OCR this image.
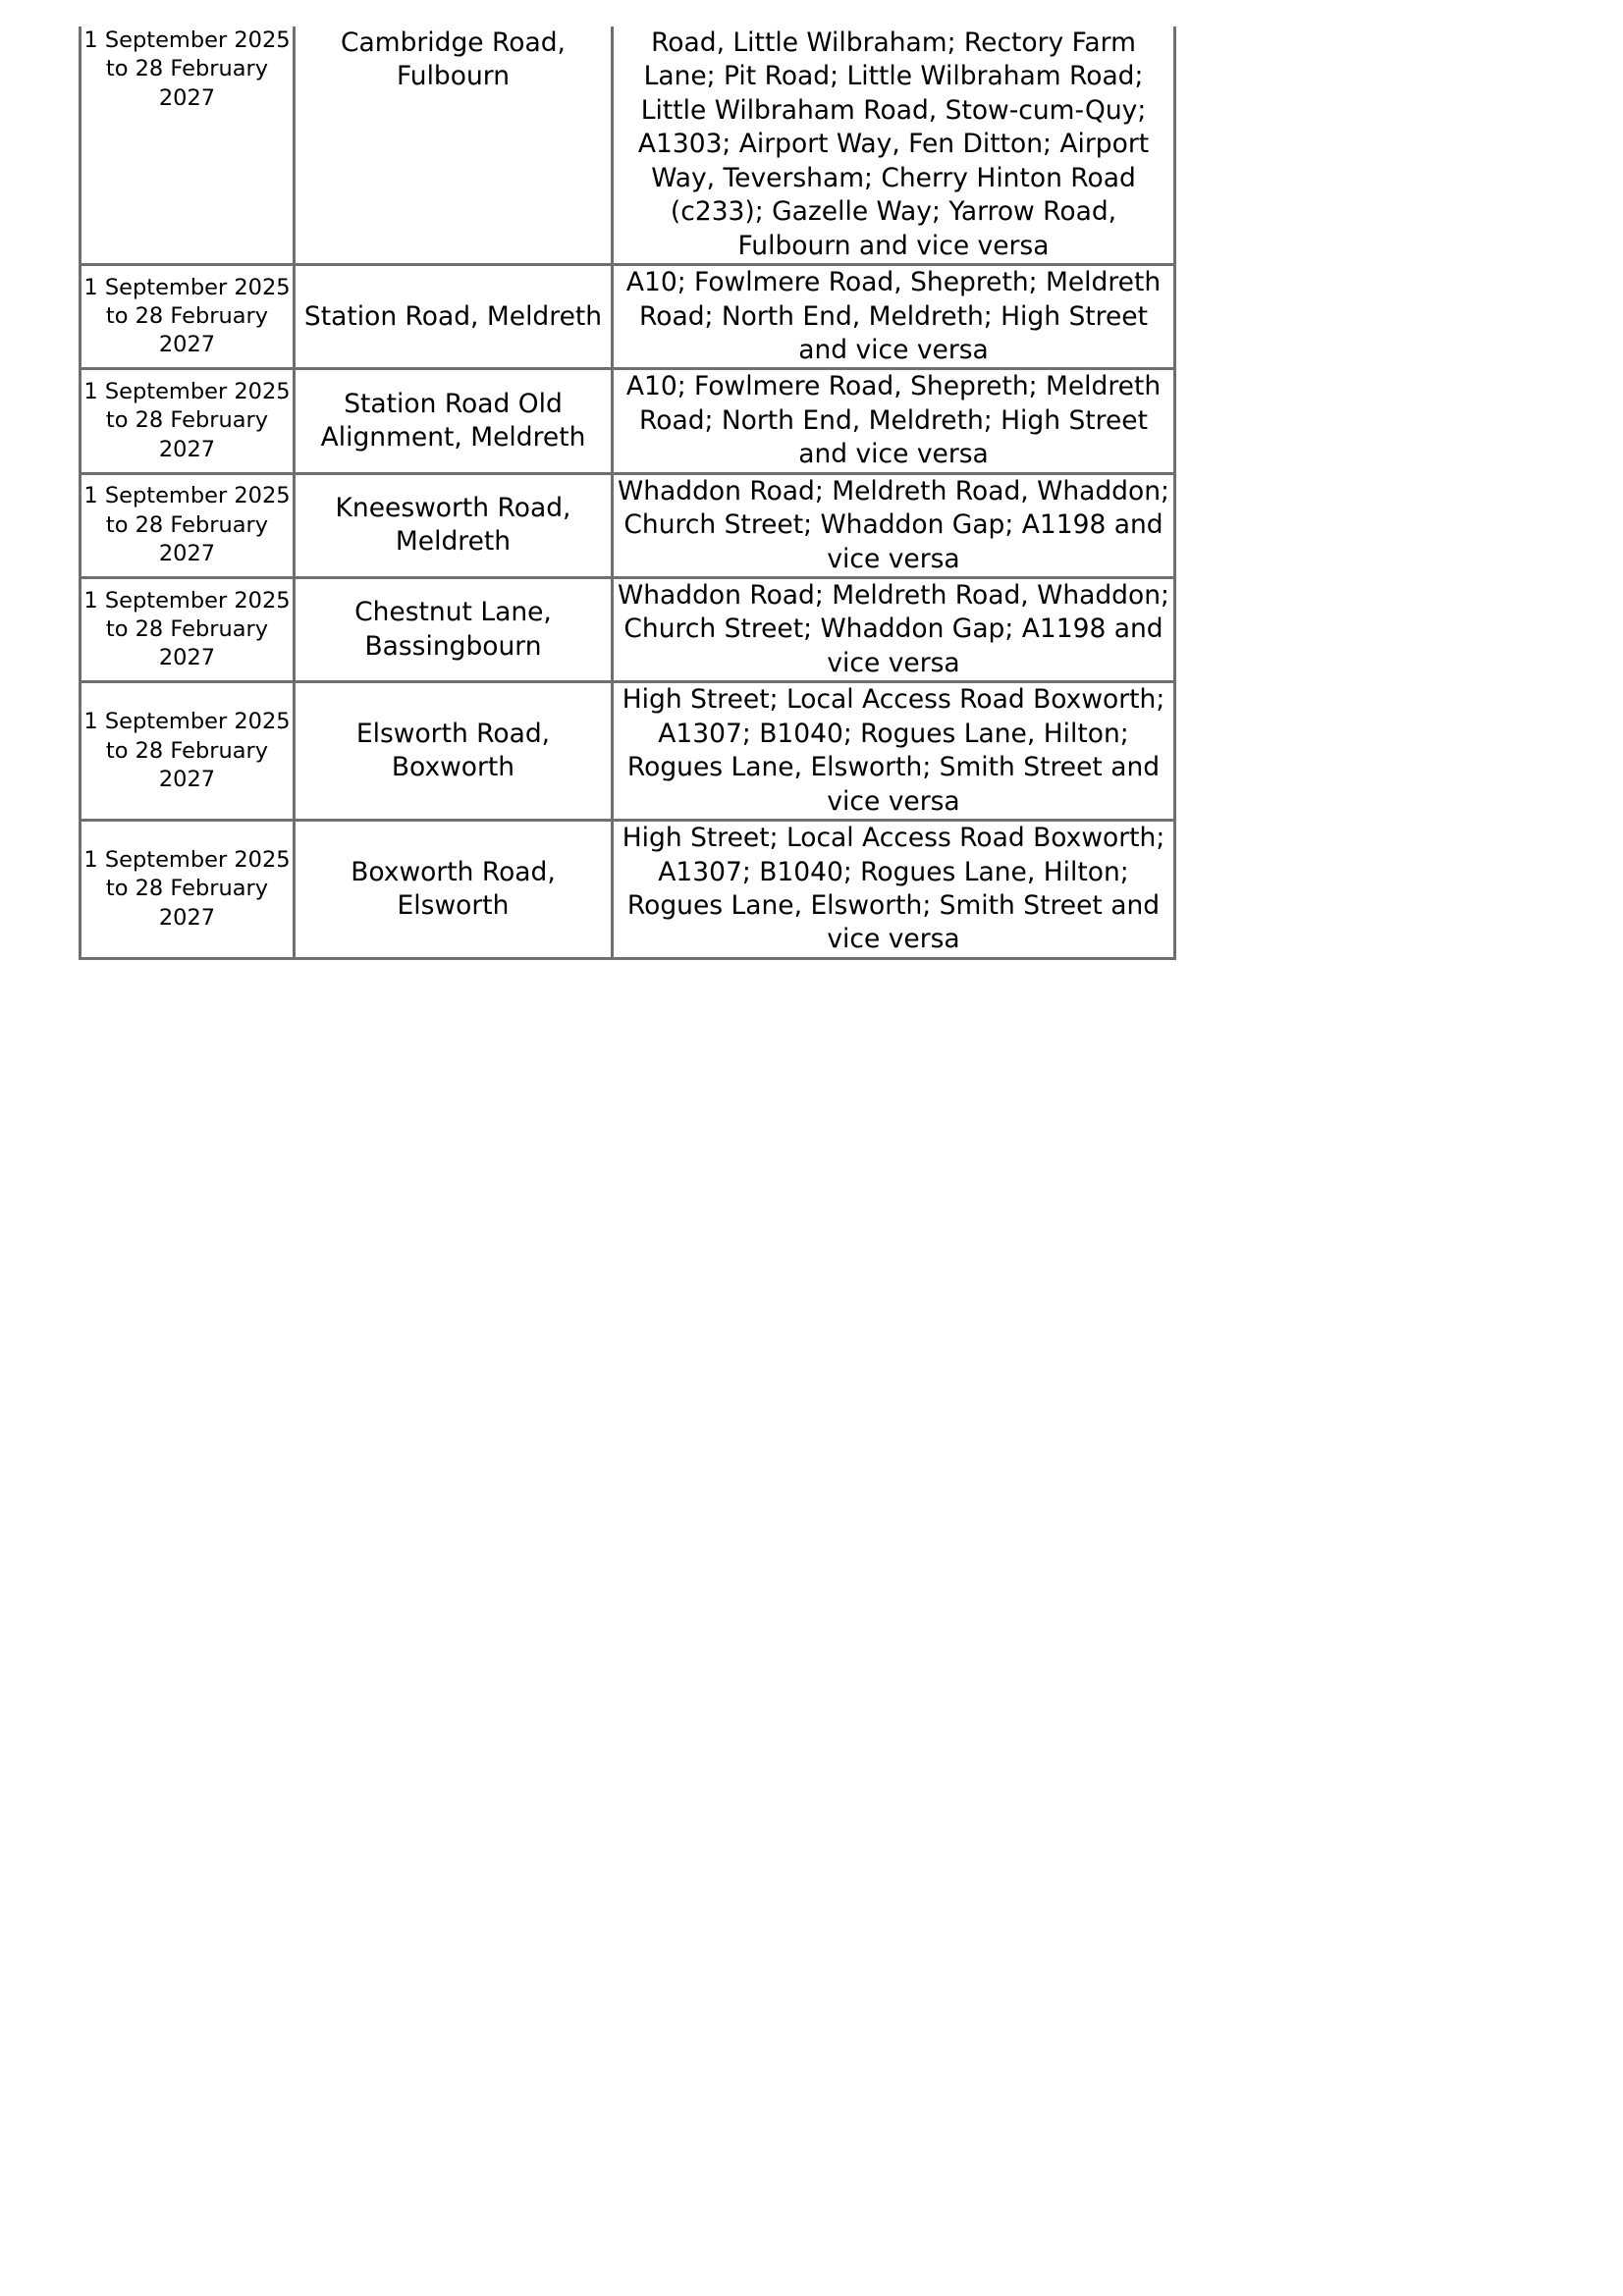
1 September 2025 to 28 February 2027	Cambridge Road, Fulbourn	Road, Little Wilbraham; Rectory Farm Lane; Pit Road; Little Wilbraham Road; Little Wilbraham Road, Stow-cum-Quy; A1303; Airport Way, Fen Ditton; Airport Way, Teversham; Cherry Hinton Road (c233); Gazelle Way; Yarrow Road, Fulbourn and vice versa
1 September 2025 to 28 February 2027	Station Road, Meldreth	A10; Fowlmere Road, Shepreth; Meldreth Road; North End, Meldreth; High Street and vice versa
1 September 2025 to 28 February 2027	Station Road Old Alignment, Meldreth	A10; Fowlmere Road, Shepreth; Meldreth Road; North End, Meldreth; High Street and vice versa
1 September 2025 to 28 February 2027	Kneesworth Road, Meldreth	Whaddon Road; Meldreth Road, Whaddon; Church Street; Whaddon Gap; A1198 and vice versa
1 September 2025 to 28 February 2027	Chestnut Lane, Bassingbourn	Whaddon Road; Meldreth Road, Whaddon; Church Street; Whaddon Gap; A1198 and vice versa
1 September 2025 to 28 February 2027	Elsworth Road, Boxworth	High Street; Local Access Road Boxworth; A1307; B1040; Rogues Lane, Hilton; Rogues Lane, Elsworth; Smith Street and vice versa
1 September 2025 to 28 February 2027	Boxworth Road, Elsworth	High Street; Local Access Road Boxworth; A1307; B1040; Rogues Lane, Hilton; Rogues Lane, Elsworth; Smith Street and vice versa
